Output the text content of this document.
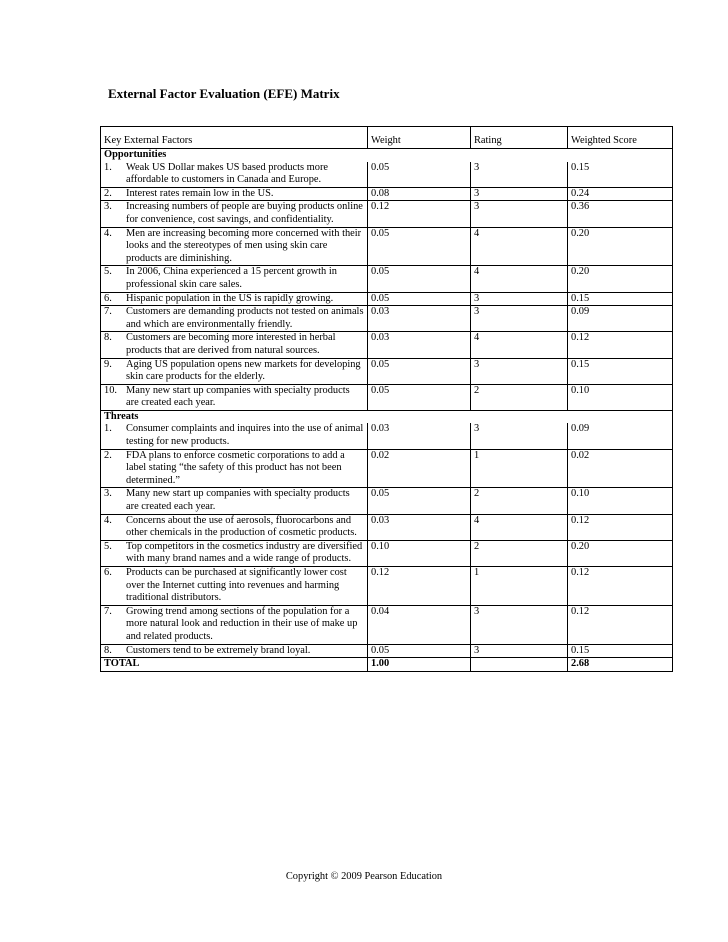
External Factor Evaluation (EFE) Matrix
Key External Factors	Weight	Rating	Weighted Score
Opportunities			

1. Weak US Dollar makes US based products more affordable to customers in Canada and Europe.	0.05	3	0.15

2. Interest rates remain low in the US.	0.08	3	0.24

3. Increasing numbers of people are buying products online for convenience, cost savings, and confidentiality.	0.12	3	0.36

4. Men are increasing becoming more concerned with their looks and the stereotypes of men using skin care products are diminishing.	0.05	4	0.20

5. In 2006, China experienced a 15 percent growth in professional skin care sales.	0.05	4	0.20

6. Hispanic population in the US is rapidly growing.	0.05	3	0.15

7. Customers are demanding products not tested on animals and which are environmentally friendly.	0.03	3	0.09

8. Customers are becoming more interested in herbal products that are derived from natural sources.	0.03	4	0.12

9. Aging US population opens new markets for developing skin care products for the elderly.	0.05	3	0.15

10. Many new start up companies with specialty products are created each year.	0.05	2	0.10
Threats			

1. Consumer complaints and inquires into the use of animal testing for new products.	0.03	3	0.09

2. FDA plans to enforce cosmetic corporations to add a label stating “the safety of this product has not been determined.”	0.02	1	0.02

3. Many new start up companies with specialty products are created each year.	0.05	2	0.10

4. Concerns about the use of aerosols, fluorocarbons and other chemicals in the production of cosmetic products.	0.03	4	0.12

5. Top competitors in the cosmetics industry are diversified with many brand names and a wide range of products.	0.10	2	0.20

6. Products can be purchased at significantly lower cost over the Internet cutting into revenues and harming traditional distributors.	0.12	1	0.12

7. Growing trend among sections of the population for a more natural look and reduction in their use of make up and related products.	0.04	3	0.12

8. Customers tend to be extremely brand loyal.	0.05	3	0.15
TOTAL	1.00		2.68
Copyright © 2009 Pearson Education
